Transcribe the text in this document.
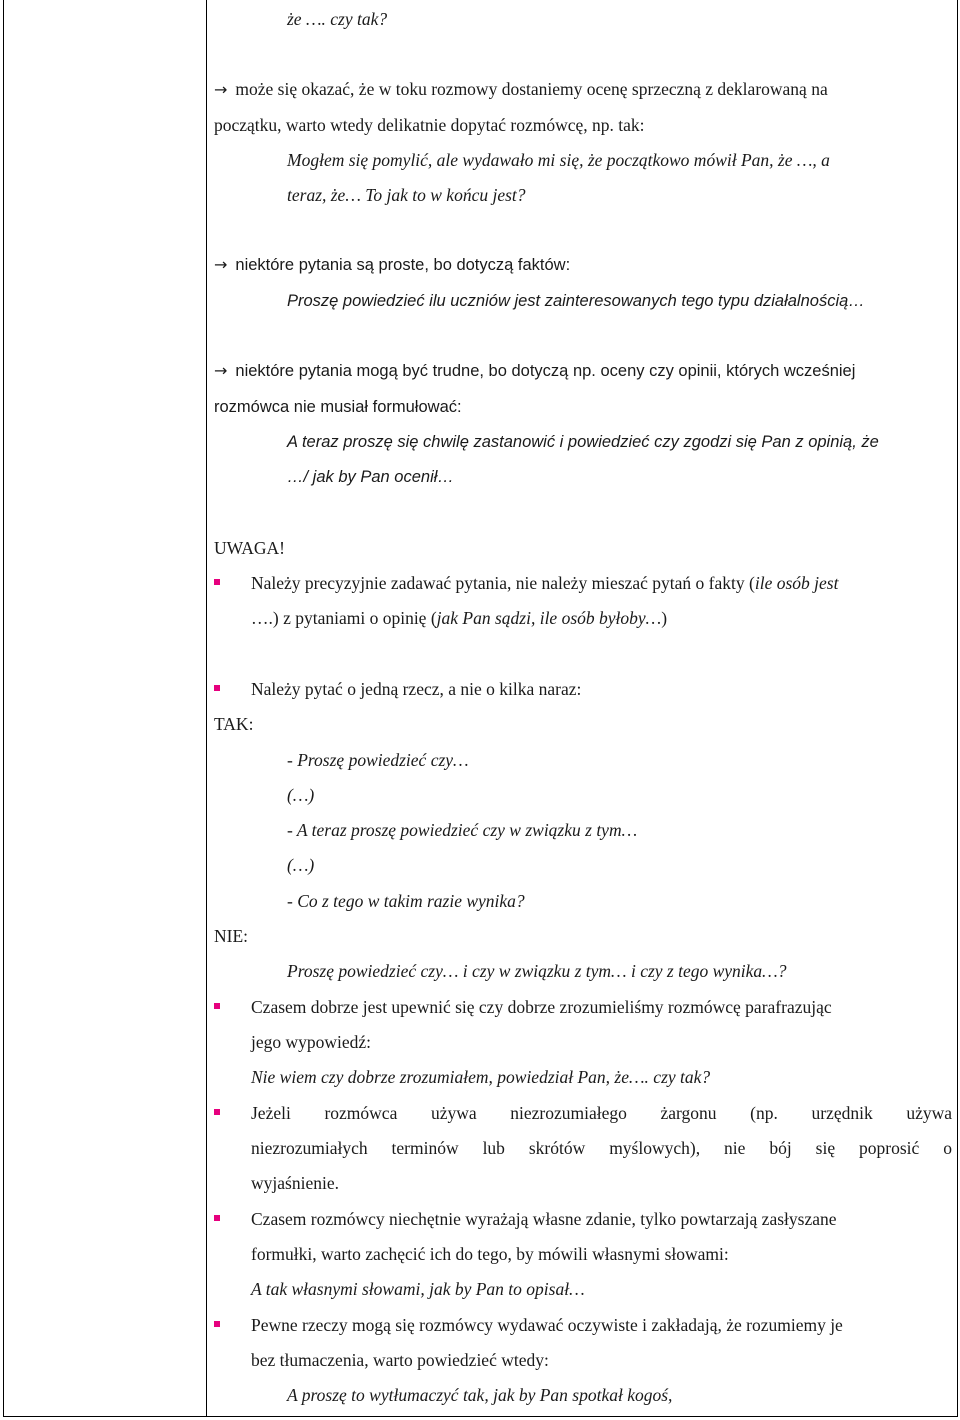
że …. czy tak?
→ może się okazać, że w toku rozmowy dostaniemy ocenę sprzeczną z deklarowaną na
początku, warto wtedy delikatnie dopytać rozmówcę, np. tak:
Mogłem się pomylić, ale wydawało mi się, że początkowo mówił Pan, że …, a
teraz, że… To jak to w końcu jest?
→ niektóre pytania są proste, bo dotyczą faktów:
Proszę powiedzieć ilu uczniów jest zainteresowanych tego typu działalnością…
→ niektóre pytania mogą być trudne, bo dotyczą np. oceny czy opinii, których wcześniej
rozmówca nie musiał formułować:
A teraz proszę się chwilę zastanowić i powiedzieć czy zgodzi się Pan z opinią, że
…/ jak by Pan ocenił…
UWAGA!
Należy precyzyjnie zadawać pytania, nie należy mieszać pytań o fakty (ile osób jest
….) z pytaniami o opinię (jak Pan sądzi, ile osób byłoby…)
Należy pytać o jedną rzecz, a nie o kilka naraz:
TAK:
- Proszę powiedzieć czy…
(…)
- A teraz proszę powiedzieć czy w związku z tym…
(…)
- Co z tego w takim razie wynika?
NIE:
Proszę powiedzieć czy… i czy w związku z tym… i czy z tego wynika…?
Czasem dobrze jest upewnić się czy dobrze zrozumieliśmy rozmówcę parafrazując
jego wypowiedź:
Nie wiem czy dobrze zrozumiałem, powiedział Pan, że…. czy tak?
Jeżeli rozmówca używa niezrozumiałego żargonu (np. urzędnik używa
niezrozumiałych terminów lub skrótów myślowych), nie bój się poprosić o
wyjaśnienie.
Czasem rozmówcy niechętnie wyrażają własne zdanie, tylko powtarzają zasłyszane
formułki, warto zachęcić ich do tego, by mówili własnymi słowami:
A tak własnymi słowami, jak by Pan to opisał…
Pewne rzeczy mogą się rozmówcy wydawać oczywiste i zakładają, że rozumiemy je
bez tłumaczenia, warto powiedzieć wtedy:
A proszę to wytłumaczyć tak, jak by Pan spotkał kogoś,
